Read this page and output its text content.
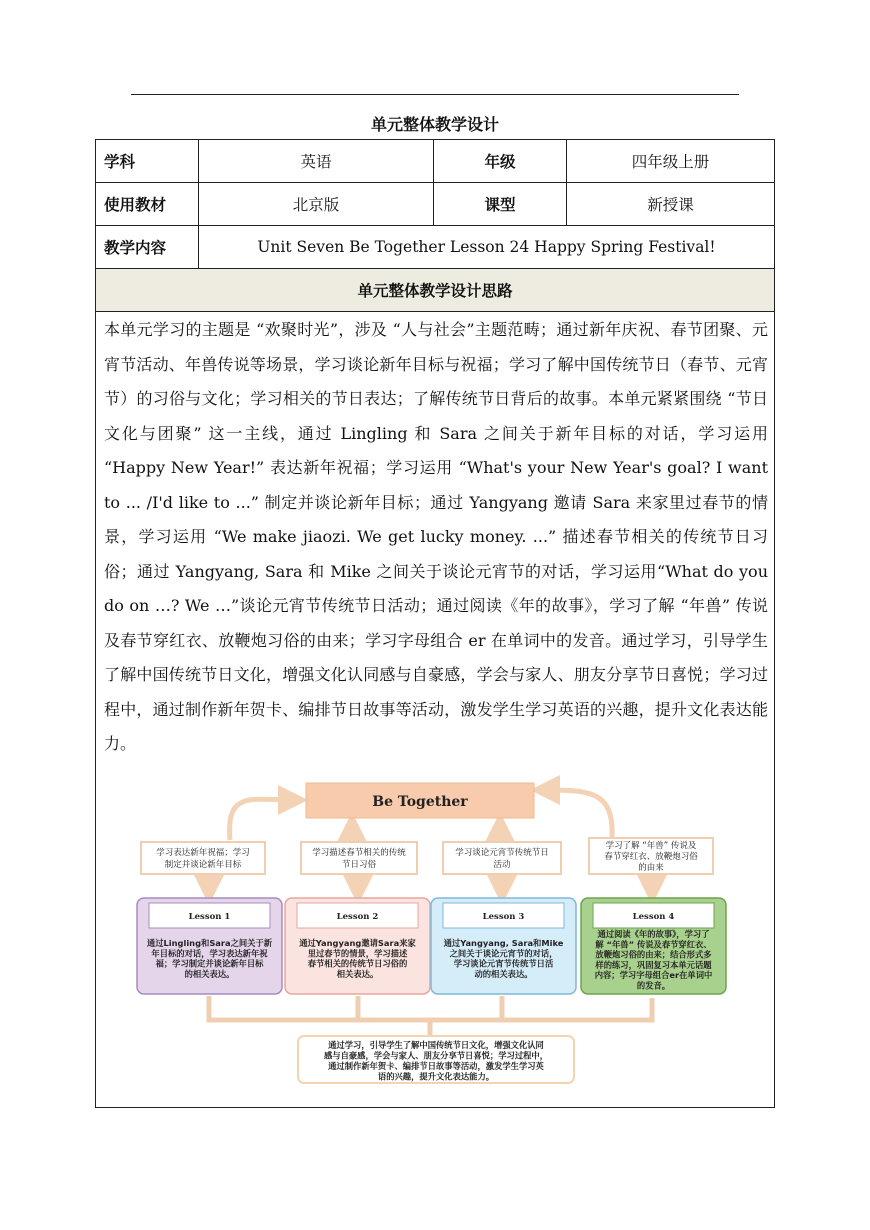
单元整体教学设计
学科	英语	年级	四年级上册
使用教材	北京版	课型	新授课
教学内容	Unit Seven Be Together Lesson 24 Happy Spring Festival!		
单元整体教学设计思路			

本单元学习的主题是 “欢聚时光”，涉及 “人与社会”主题范畴；通过新年庆祝、春节团聚、元宵节活动、年兽传说等场景，学习谈论新年目标与祝福；学习了解中国传统节日（春节、元宵节）的习俗与文化；学习相关的节日表达；了解传统节日背后的故事。本单元紧紧围绕 “节日文化与团聚” 这一主线，通过 Lingling 和 Sara 之间关于新年目标的对话，学习运用 “Happy New Year!” 表达新年祝福；学习运用 “What's your New Year's goal? I want to ... /I'd like to ...” 制定并谈论新年目标；通过 Yangyang 邀请 Sara 来家里过春节的情景，学习运用 “We make jiaozi. We get lucky money. ...” 描述春节相关的传统节日习俗；通过 Yangyang, Sara 和 Mike 之间关于谈论元宵节的对话，学习运用“What do you do on …? We …”谈论元宵节传统节日活动；通过阅读《年的故事》，学习了解 “年兽” 传说及春节穿红衣、放鞭炮习俗的由来；学习字母组合 er 在单词中的发音。通过学习，引导学生了解中国传统节日文化，增强文化认同感与自豪感，学会与家人、朋友分享节日喜悦；学习过程中，通过制作新年贺卡、编排节日故事等活动，激发学生学习英语的兴趣，提升文化表达能力。

Be Together
学习表达新年祝福；学习
制定并谈论新年目标
学习描述春节相关的传统
节日习俗
学习谈论元宵节传统节日
活动
学习了解 “年兽” 传说及
春节穿红衣、放鞭炮习俗
的由来
Lesson 1
通过Lingling和Sara之间关于新
年目标的对话，学习表达新年祝
福；学习制定并谈论新年目标
的相关表达。
Lesson 2
通过Yangyang邀请Sara来家
里过春节的情景，学习描述
春节相关的传统节日习俗的
相关表达。
Lesson 3
通过Yangyang, Sara和Mike
之间关于谈论元宵节的对话，
学习谈论元宵节传统节日活
动的相关表达。
Lesson 4
通过阅读《年的故事》，学习了
解 “年兽” 传说及春节穿红衣、
放鞭炮习俗的由来；结合形式多
样的练习，巩固复习本单元话题
内容；学习字母组合er在单词中
的发音。
通过学习，引导学生了解中国传统节日文化，增强文化认同
感与自豪感，学会与家人、朋友分享节日喜悦；学习过程中，
通过制作新年贺卡、编排节日故事等活动，激发学生学习英
语的兴趣，提升文化表达能力。
